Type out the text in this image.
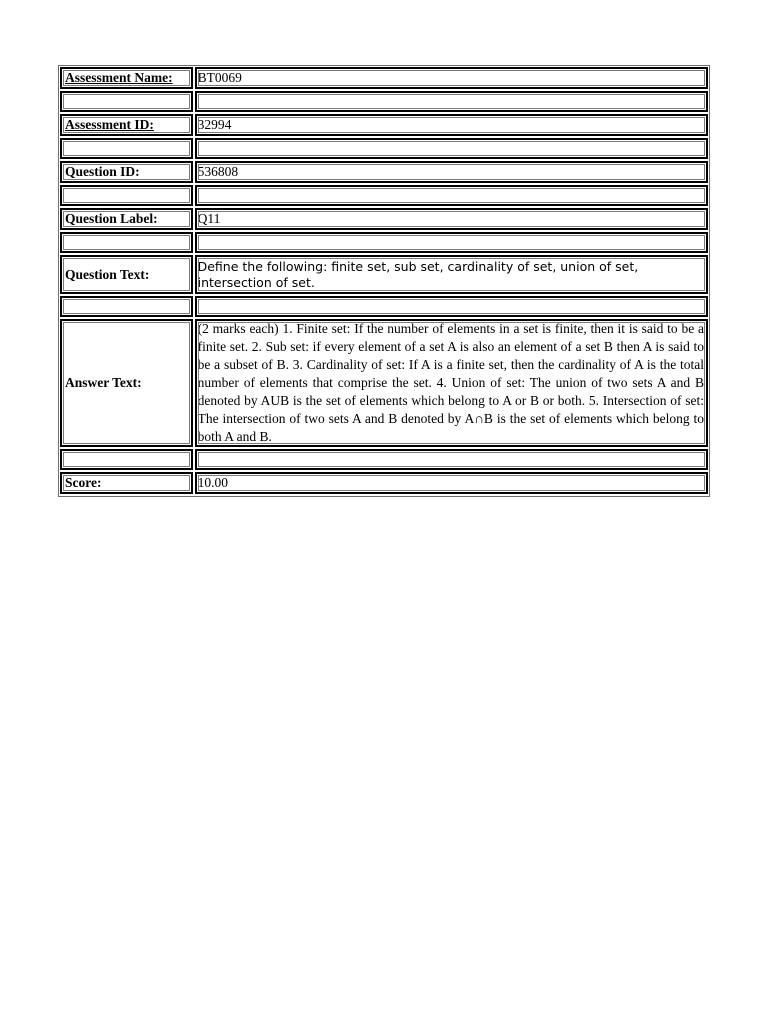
Assessment Name: BT0069
Assessment ID:	32994
Question ID:	536808
Question Label:	Q11
Question Text:
Define the following: finite set, sub set, cardinality of set, union of set, intersection of set.
Answer Text:
(2 marks each) 1. Finite set: If the number of elements in a set is finite, then it is said to be a finite set. 2. Sub set: if every element of a set A is also an element of a set B then A is said to be a subset of B. 3. Cardinality of set: If A is a finite set, then the cardinality of A is the total number of elements that comprise the set. 4. Union of set: The union of two sets A and B denoted by AUB is the set of elements which belong to A or B or both. 5. Intersection of set: The intersection of two sets A and B denoted by A∩B is the set of elements which belong to both A and B.
Score:	10.00
